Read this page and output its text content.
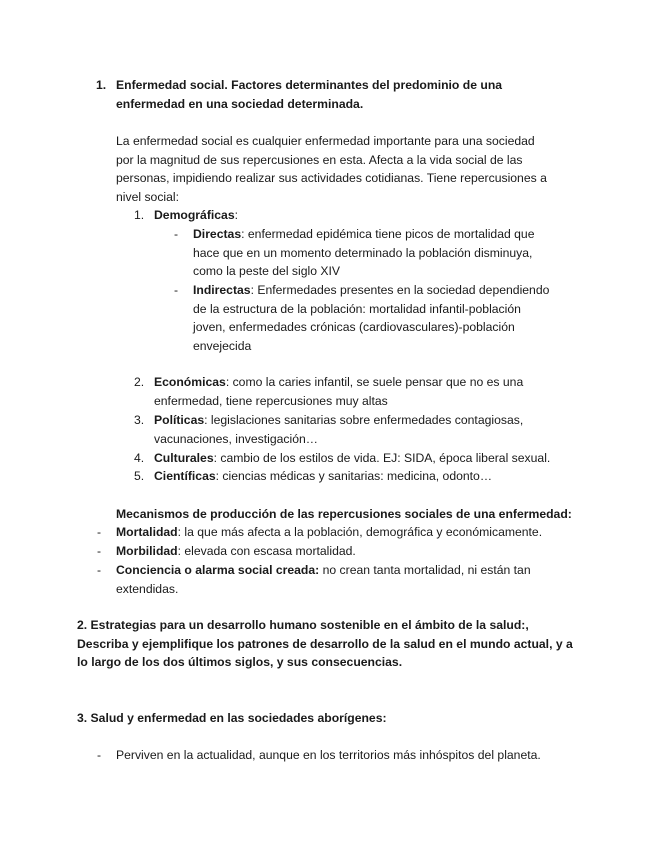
1. Enfermedad social. Factores determinantes del predominio de una
enfermedad en una sociedad determinada.
La enfermedad social es cualquier enfermedad importante para una sociedad
por la magnitud de sus repercusiones en esta. Afecta a la vida social de las
personas, impidiendo realizar sus actividades cotidianas. Tiene repercusiones a
nivel social:
1. Demográficas:
- Directas: enfermedad epidémica tiene picos de mortalidad que
hace que en un momento determinado la población disminuya,
como la peste del siglo XIV
- Indirectas: Enfermedades presentes en la sociedad dependiendo
de la estructura de la población: mortalidad infantil-población
joven, enfermedades crónicas (cardiovasculares)-población
envejecida
2. Económicas: como la caries infantil, se suele pensar que no es una
enfermedad, tiene repercusiones muy altas
3. Políticas: legislaciones sanitarias sobre enfermedades contagiosas,
vacunaciones, investigación…
4. Culturales: cambio de los estilos de vida. EJ: SIDA, época liberal sexual.
5. Científicas: ciencias médicas y sanitarias: medicina, odonto…
Mecanismos de producción de las repercusiones sociales de una enfermedad:
- Mortalidad: la que más afecta a la población, demográfica y económicamente.
- Morbilidad: elevada con escasa mortalidad.
- Conciencia o alarma social creada: no crean tanta mortalidad, ni están tan
extendidas.
2. Estrategias para un desarrollo humano sostenible en el ámbito de la salud:,
Describa y ejemplifique los patrones de desarrollo de la salud en el mundo actual, y a
lo largo de los dos últimos siglos, y sus consecuencias.
3. Salud y enfermedad en las sociedades aborígenes:
- Perviven en la actualidad, aunque en los territorios más inhóspitos del planeta.
